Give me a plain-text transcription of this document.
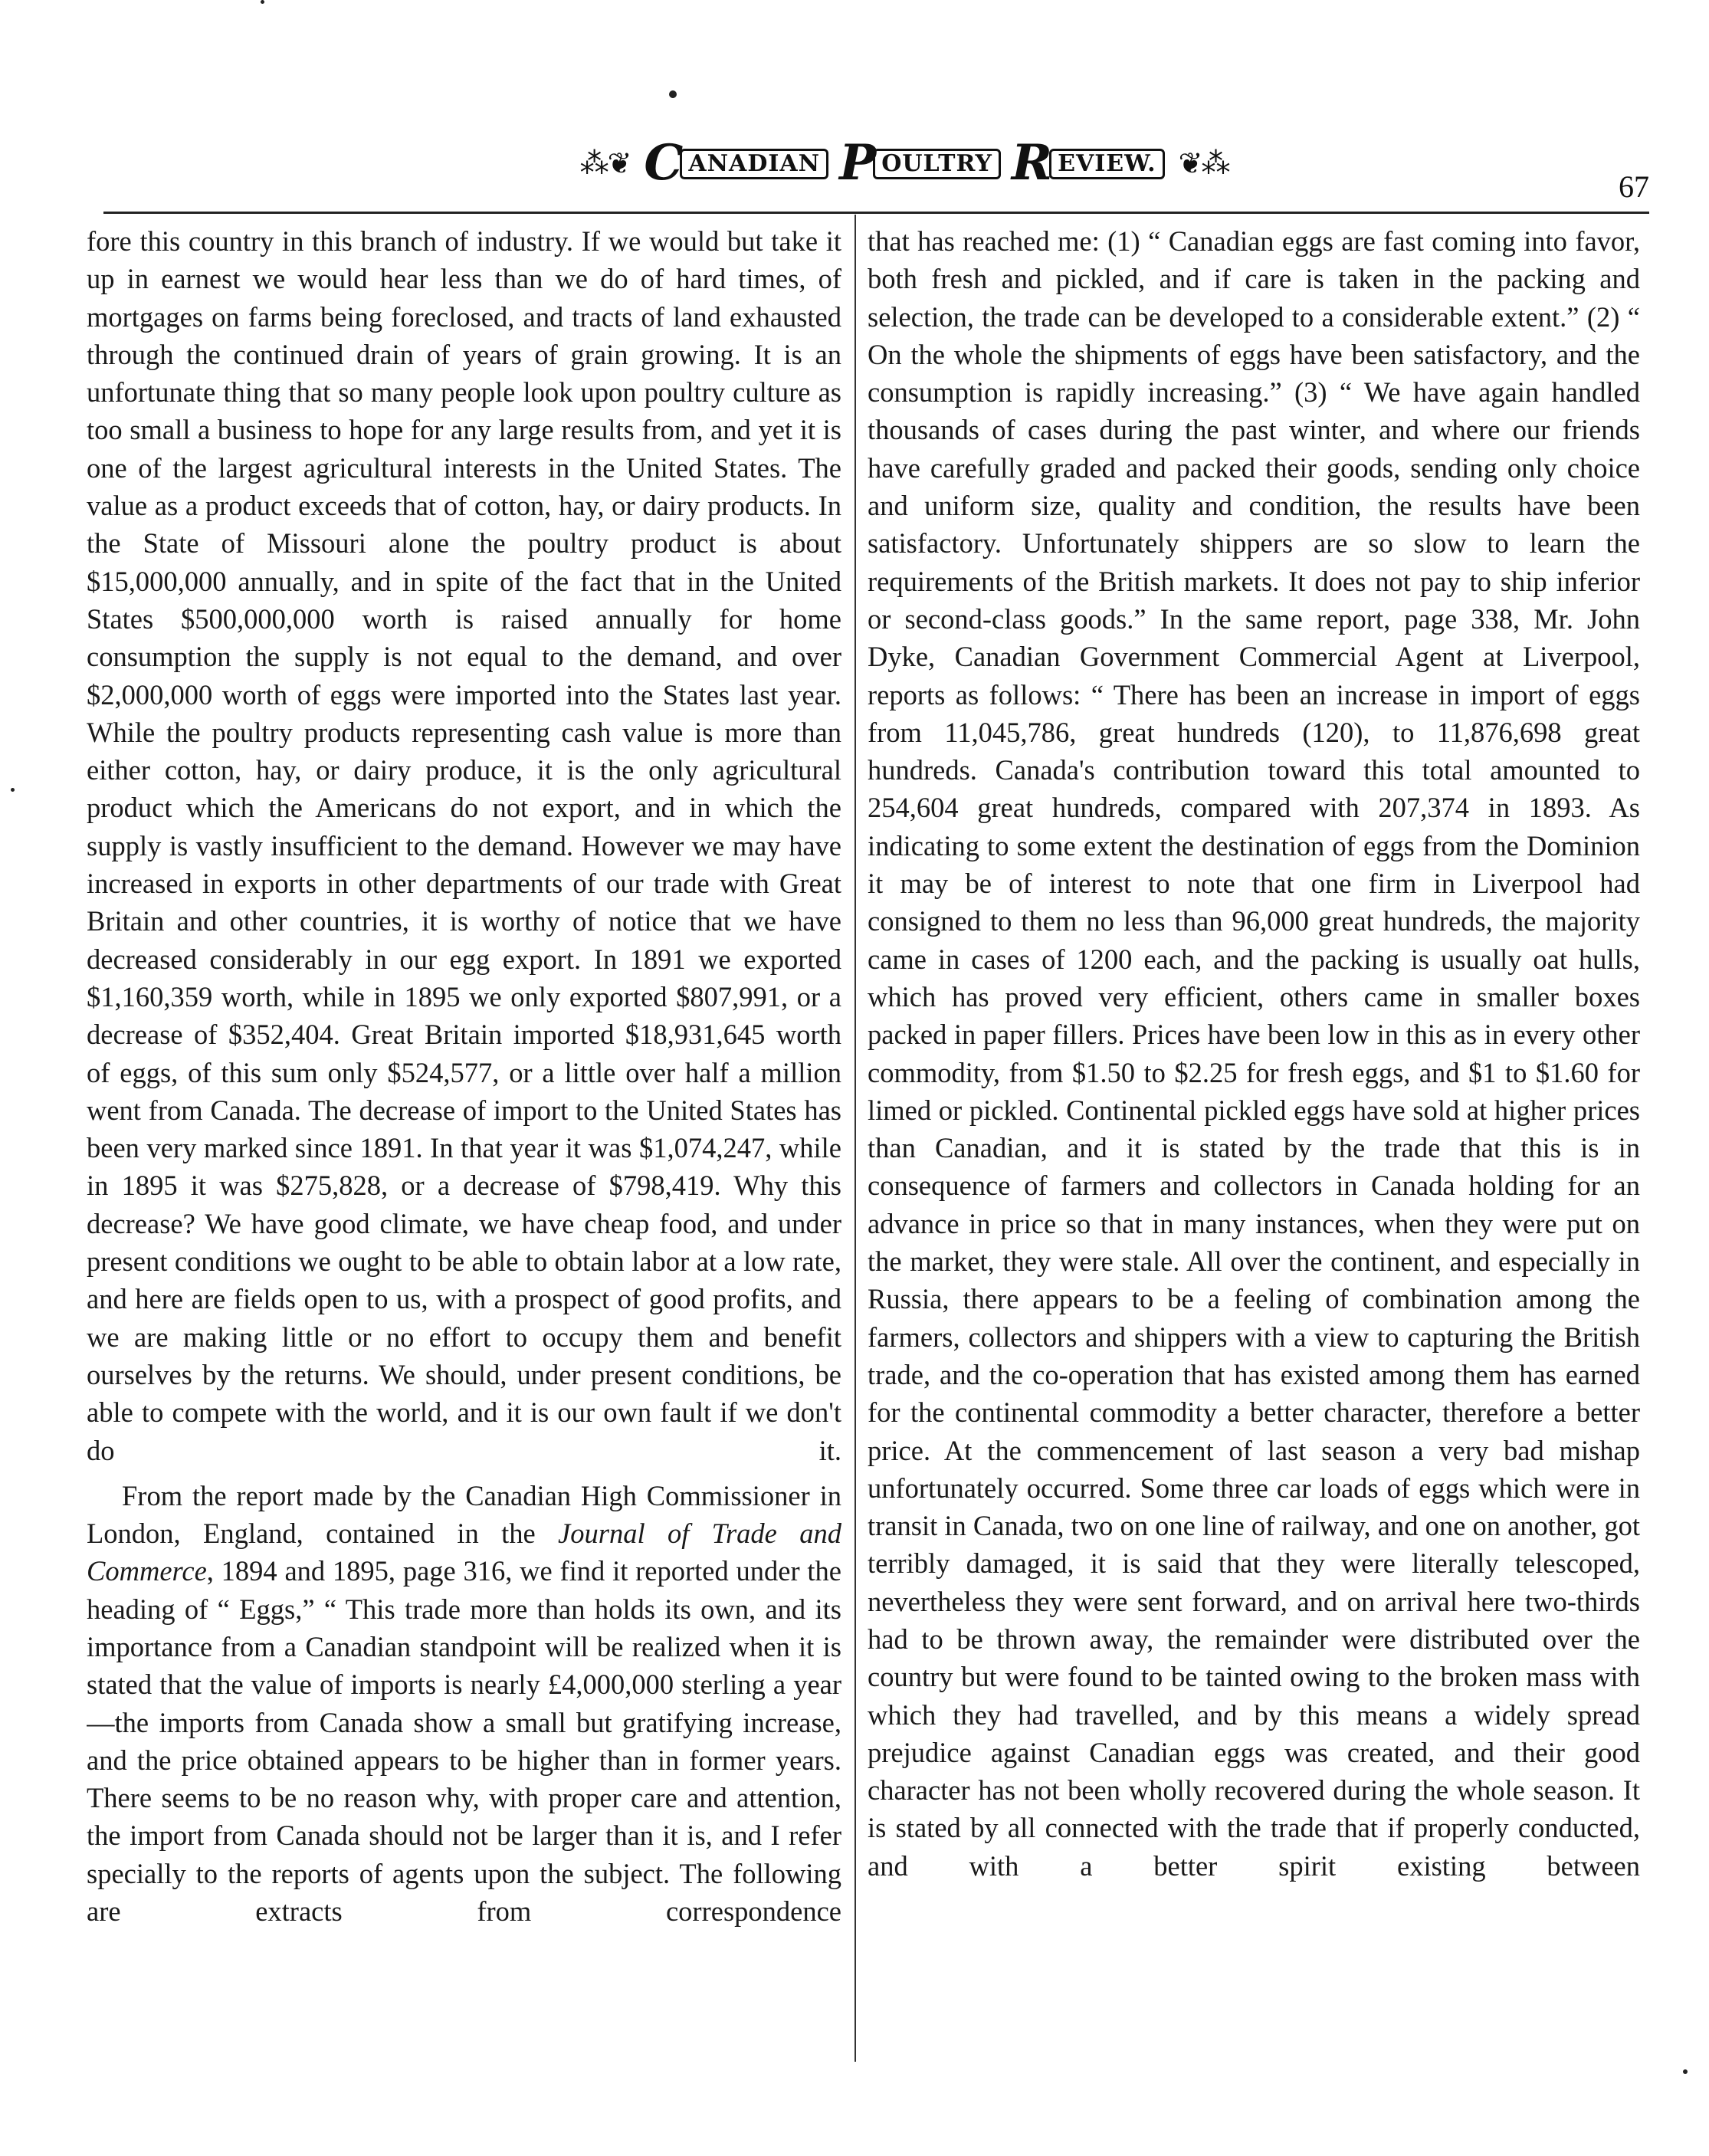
⁂❦ C ANADIAN P OULTRY R EVIEW. ❦⁂
67

fore this country in this branch of industry. If we would but take it up in earnest we would hear less than we do of hard times, of mortgages on farms being foreclosed, and tracts of land exhausted through the continued drain of years of grain growing. It is an unfortunate thing that so many people look upon poultry culture as too small a business to hope for any large results from, and yet it is one of the largest agricultural interests in the United States. The value as a product exceeds that of cotton, hay, or dairy products. In the State of Missouri alone the poultry product is about $15,000,000 annually, and in spite of the fact that in the United States $500,000,000 worth is raised annually for home consumption the supply is not equal to the demand, and over $2,000,000 worth of eggs were imported into the States last year. While the poultry products representing cash value is more than either cotton, hay, or dairy produce, it is the only agricultural product which the Americans do not export, and in which the supply is vastly insufficient to the demand. However we may have increased in exports in other departments of our trade with Great Britain and other countries, it is worthy of notice that we have decreased considerably in our egg export. In 1891 we exported $1,160,359 worth, while in 1895 we only exported $807,991, or a decrease of $352,404. Great Britain imported $18,931,645 worth of eggs, of this sum only $524,577, or a little over half a million went from Canada. The decrease of import to the United States has been very marked since 1891. In that year it was $1,074,247, while in 1895 it was $275,828, or a decrease of $798,419. Why this decrease? We have good climate, we have cheap food, and under present conditions we ought to be able to obtain labor at a low rate, and here are fields open to us, with a prospect of good profits, and we are making little or no effort to occupy them and benefit ourselves by the returns. We should, under present conditions, be able to compete with the world, and it is our own fault if we don't do it.

From the report made by the Canadian High Commissioner in London, England, contained in the Journal of Trade and Commerce, 1894 and 1895, page 316, we find it reported under the heading of “ Eggs,” “ This trade more than holds its own, and its importance from a Canadian standpoint will be realized when it is stated that the value of imports is nearly £4,000,000 sterling a year—the imports from Canada show a small but gratifying increase, and the price obtained appears to be higher than in former years. There seems to be no reason why, with proper care and attention, the import from Canada should not be larger than it is, and I refer specially to the reports of agents upon the subject. The following are extracts from correspondence

that has reached me: (1) “ Canadian eggs are fast coming into favor, both fresh and pickled, and if care is taken in the packing and selection, the trade can be developed to a considerable extent.” (2) “ On the whole the shipments of eggs have been satisfactory, and the consumption is rapidly increasing.” (3) “ We have again handled thousands of cases during the past winter, and where our friends have carefully graded and packed their goods, sending only choice and uniform size, quality and condition, the results have been satisfactory. Unfortunately shippers are so slow to learn the requirements of the British markets. It does not pay to ship inferior or second-class goods.” In the same report, page 338, Mr. John Dyke, Canadian Government Commercial Agent at Liverpool, reports as follows: “ There has been an increase in import of eggs from 11,045,786, great hundreds (120), to 11,876,698 great hundreds. Canada's contribution toward this total amounted to 254,604 great hundreds, compared with 207,374 in 1893. As indicating to some extent the destination of eggs from the Dominion it may be of interest to note that one firm in Liverpool had consigned to them no less than 96,000 great hundreds, the majority came in cases of 1200 each, and the packing is usually oat hulls, which has proved very efficient, others came in smaller boxes packed in paper fillers. Prices have been low in this as in every other commodity, from $1.50 to $2.25 for fresh eggs, and $1 to $1.60 for limed or pickled. Continental pickled eggs have sold at higher prices than Canadian, and it is stated by the trade that this is in consequence of farmers and collectors in Canada holding for an advance in price so that in many instances, when they were put on the market, they were stale. All over the continent, and especially in Russia, there appears to be a feeling of combination among the farmers, collectors and shippers with a view to capturing the British trade, and the co-operation that has existed among them has earned for the continental commodity a better character, therefore a better price. At the commencement of last season a very bad mishap unfortunately occurred. Some three car loads of eggs which were in transit in Canada, two on one line of railway, and one on another, got terribly damaged, it is said that they were literally telescoped, nevertheless they were sent forward, and on arrival here two-thirds had to be thrown away, the remainder were distributed over the country but were found to be tainted owing to the broken mass with which they had travelled, and by this means a widely spread prejudice against Canadian eggs was created, and their good character has not been wholly recovered during the whole season. It is stated by all connected with the trade that if properly conducted, and with a better spirit existing between
